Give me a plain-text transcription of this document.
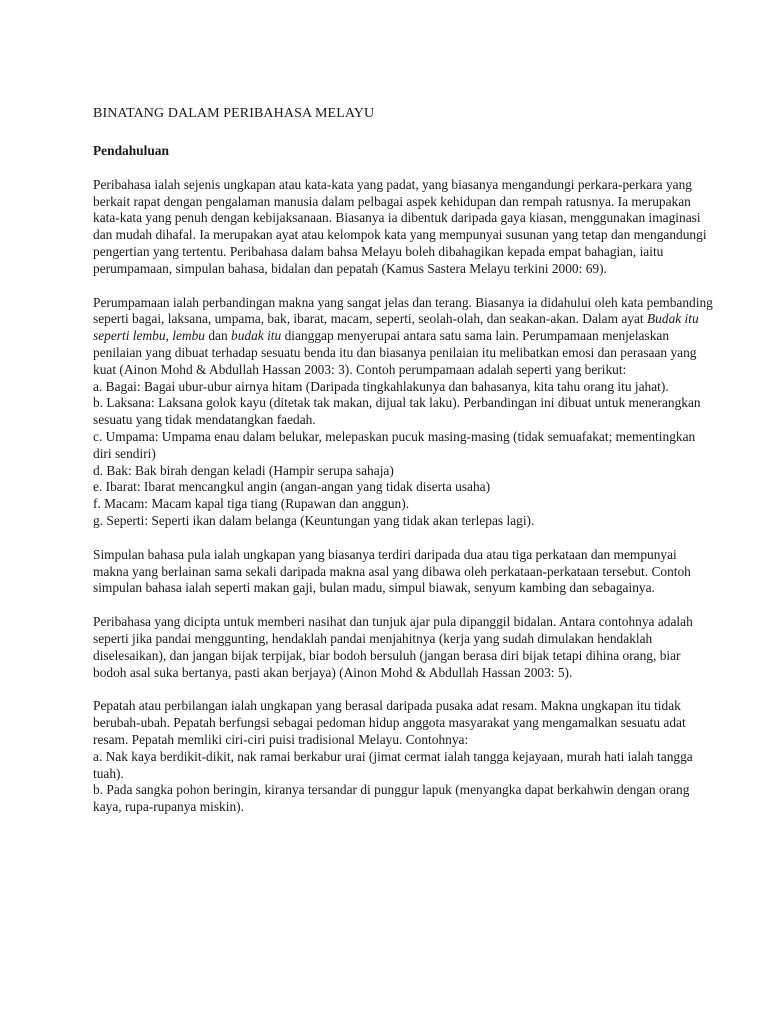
BINATANG DALAM PERIBAHASA MELAYU
Pendahuluan

Peribahasa ialah sejenis ungkapan atau kata-kata yang padat, yang biasanya mengandungi perkara-perkara yang berkait rapat dengan pengalaman manusia dalam pelbagai aspek kehidupan dan rempah ratusnya. Ia merupakan kata-kata yang penuh dengan kebijaksanaan. Biasanya ia dibentuk daripada gaya kiasan, menggunakan imaginasi dan mudah dihafal. Ia merupakan ayat atau kelompok kata yang mempunyai susunan yang tetap dan mengandungi pengertian yang tertentu. Peribahasa dalam bahsa Melayu boleh dibahagikan kepada empat bahagian, iaitu perumpamaan, simpulan bahasa, bidalan dan pepatah (Kamus Sastera Melayu terkini 2000: 69).

Perumpamaan ialah perbandingan makna yang sangat jelas dan terang. Biasanya ia didahului oleh kata pembanding seperti bagai, laksana, umpama, bak, ibarat, macam, seperti, seolah-olah, dan seakan-akan. Dalam ayat Budak itu seperti lembu, lembu dan budak itu dianggap menyerupai antara satu sama lain. Perumpamaan menjelaskan penilaian yang dibuat terhadap sesuatu benda itu dan biasanya penilaian itu melibatkan emosi dan perasaan yang kuat (Ainon Mohd & Abdullah Hassan 2003: 3). Contoh perumpamaan adalah seperti yang berikut:
a. Bagai: Bagai ubur-ubur airnya hitam (Daripada tingkahlakunya dan bahasanya, kita tahu orang itu jahat).
b. Laksana: Laksana golok kayu (ditetak tak makan, dijual tak laku). Perbandingan ini dibuat untuk menerangkan sesuatu yang tidak mendatangkan faedah.
c. Umpama: Umpama enau dalam belukar, melepaskan pucuk masing-masing (tidak semuafakat; mementingkan diri sendiri)
d. Bak: Bak birah dengan keladi (Hampir serupa sahaja)
e. Ibarat: Ibarat mencangkul angin (angan-angan yang tidak diserta usaha)
f. Macam: Macam kapal tiga tiang (Rupawan dan anggun).
g. Seperti: Seperti ikan dalam belanga (Keuntungan yang tidak akan terlepas lagi).

Simpulan bahasa pula ialah ungkapan yang biasanya terdiri daripada dua atau tiga perkataan dan mempunyai makna yang berlainan sama sekali daripada makna asal yang dibawa oleh perkataan-perkataan tersebut. Contoh simpulan bahasa ialah seperti makan gaji, bulan madu, simpul biawak, senyum kambing dan sebagainya.

Peribahasa yang dicipta untuk memberi nasihat dan tunjuk ajar pula dipanggil bidalan. Antara contohnya adalah seperti jika pandai menggunting, hendaklah pandai menjahitnya (kerja yang sudah dimulakan hendaklah diselesaikan), dan jangan bijak terpijak, biar bodoh bersuluh (jangan berasa diri bijak tetapi dihina orang, biar bodoh asal suka bertanya, pasti akan berjaya) (Ainon Mohd & Abdullah Hassan 2003: 5).

Pepatah atau perbilangan ialah ungkapan yang berasal daripada pusaka adat resam. Makna ungkapan itu tidak berubah-ubah. Pepatah berfungsi sebagai pedoman hidup anggota masyarakat yang mengamalkan sesuatu adat resam. Pepatah memliki ciri-ciri puisi tradisional Melayu. Contohnya:
a. Nak kaya berdikit-dikit, nak ramai berkabur urai (jimat cermat ialah tangga kejayaan, murah hati ialah tangga tuah).
b. Pada sangka pohon beringin, kiranya tersandar di punggur lapuk (menyangka dapat berkahwin dengan orang kaya, rupa-rupanya miskin).
